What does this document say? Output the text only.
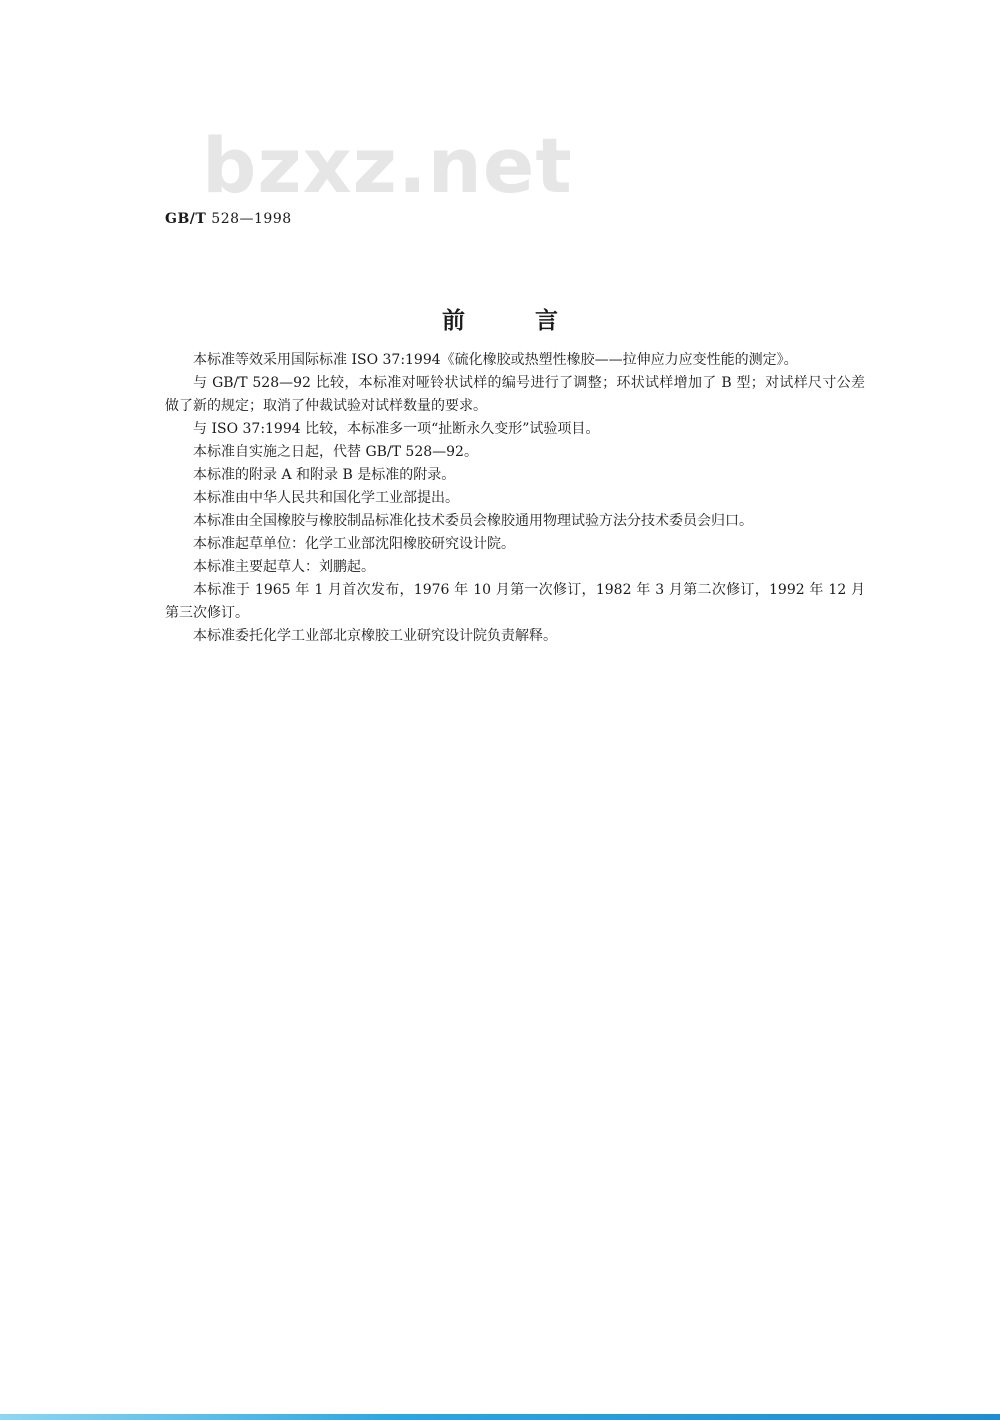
bzxz.net
GB/T 528—1998
前言

本标准等效采用国际标准 ISO 37:1994《硫化橡胶或热塑性橡胶——拉伸应力应变性能的测定》。

与 GB/T 528—92 比较，本标准对哑铃状试样的编号进行了调整；环状试样增加了 B 型；对试样尺寸公差做了新的规定；取消了仲裁试验对试样数量的要求。

与 ISO 37:1994 比较，本标准多一项“扯断永久变形”试验项目。

本标准自实施之日起，代替 GB/T 528—92。

本标准的附录 A 和附录 B 是标准的附录。

本标准由中华人民共和国化学工业部提出。

本标准由全国橡胶与橡胶制品标准化技术委员会橡胶通用物理试验方法分技术委员会归口。

本标准起草单位：化学工业部沈阳橡胶研究设计院。

本标准主要起草人：刘鹏起。

本标准于 1965 年 1 月首次发布，1976 年 10 月第一次修订，1982 年 3 月第二次修订，1992 年 12 月第三次修订。

本标准委托化学工业部北京橡胶工业研究设计院负责解释。
